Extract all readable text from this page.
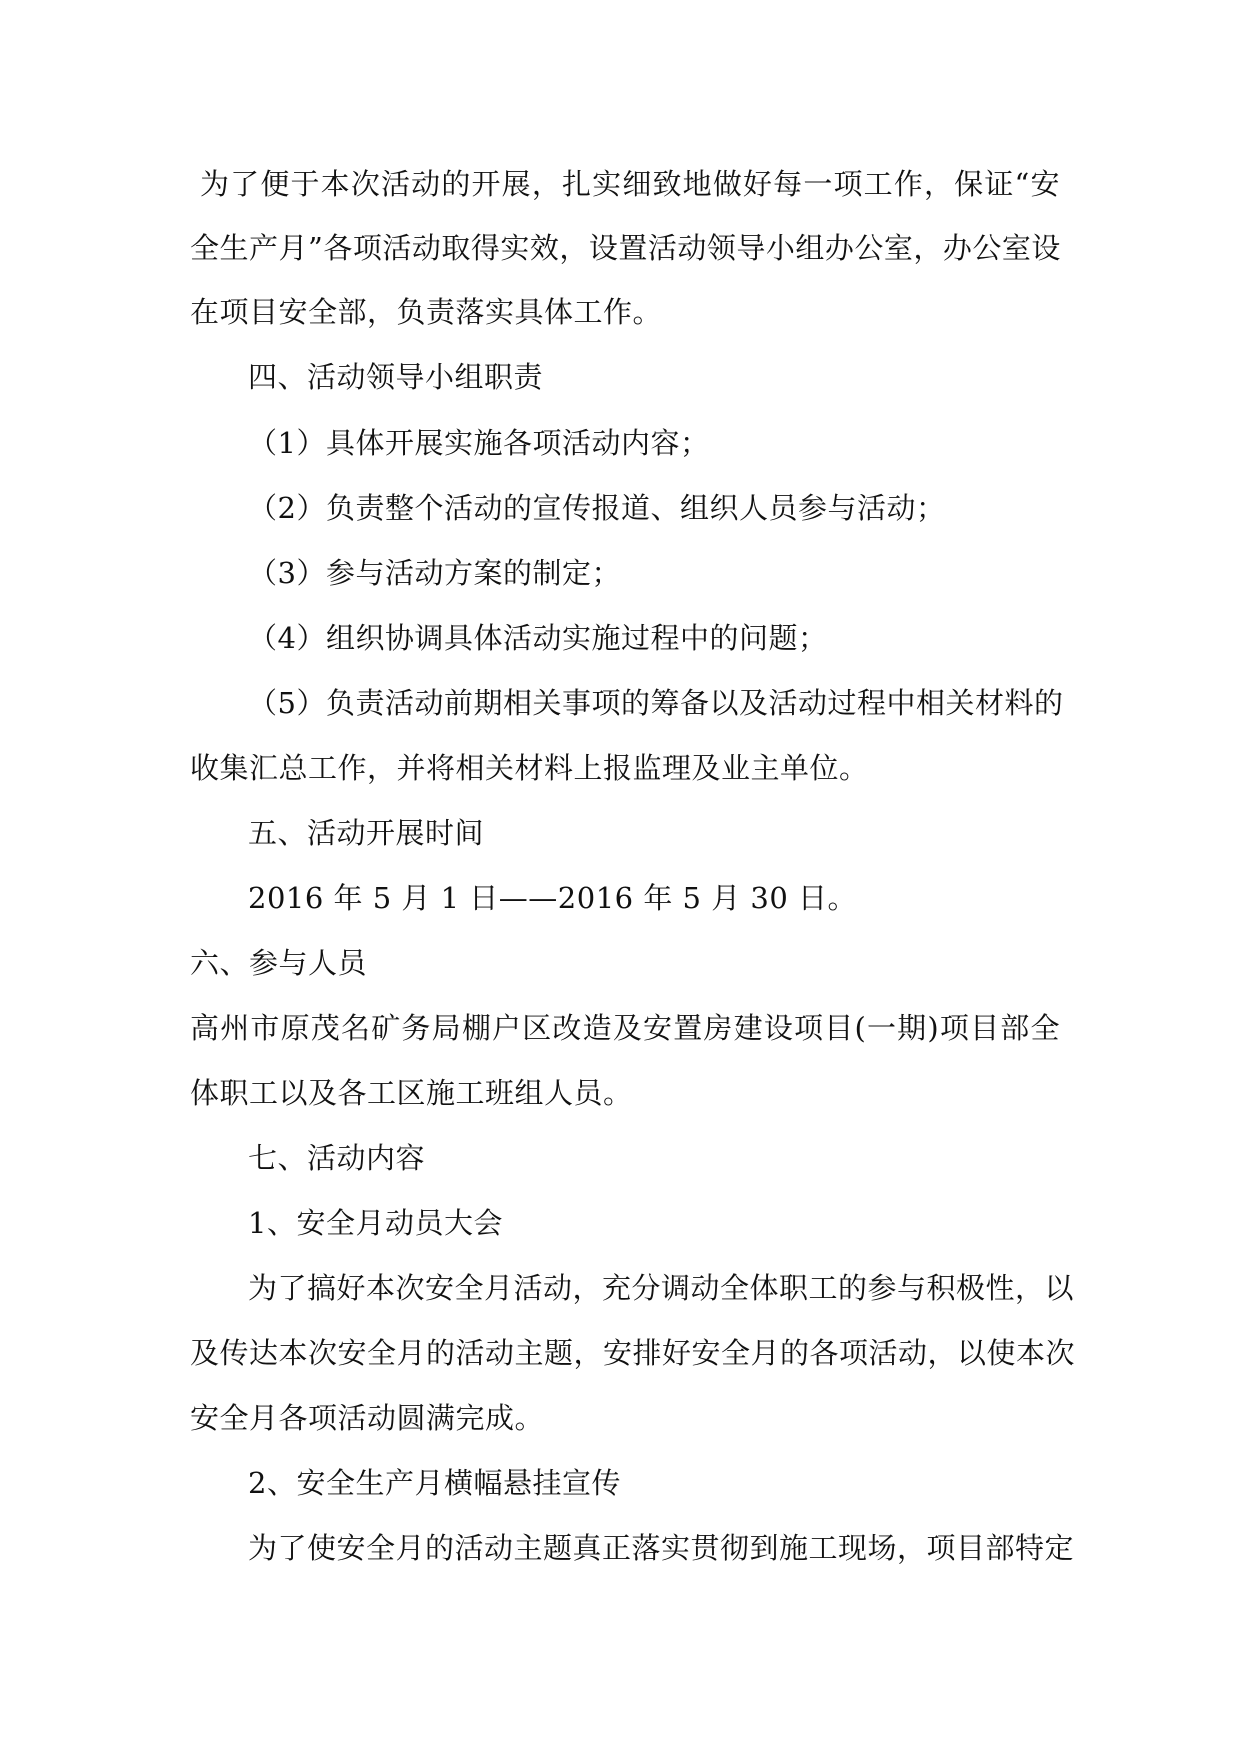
为了便于本次活动的开展，扎实细致地做好每一项工作，保证“安
全生产月”各项活动取得实效，设置活动领导小组办公室，办公室设
在项目安全部，负责落实具体工作。
四、活动领导小组职责
（1）具体开展实施各项活动内容；
（2）负责整个活动的宣传报道、组织人员参与活动；
（3）参与活动方案的制定；
（4）组织协调具体活动实施过程中的问题；
（5）负责活动前期相关事项的筹备以及活动过程中相关材料的
收集汇总工作，并将相关材料上报监理及业主单位。
五、活动开展时间
2016 年 5 月 1 日——2016 年 5 月 30 日。
六、参与人员
高州市原茂名矿务局棚户区改造及安置房建设项目(一期)项目部全
体职工以及各工区施工班组人员。
七、活动内容
1、安全月动员大会
为了搞好本次安全月活动，充分调动全体职工的参与积极性，以
及传达本次安全月的活动主题，安排好安全月的各项活动，以使本次
安全月各项活动圆满完成。
2、安全生产月横幅悬挂宣传
为了使安全月的活动主题真正落实贯彻到施工现场，项目部特定
